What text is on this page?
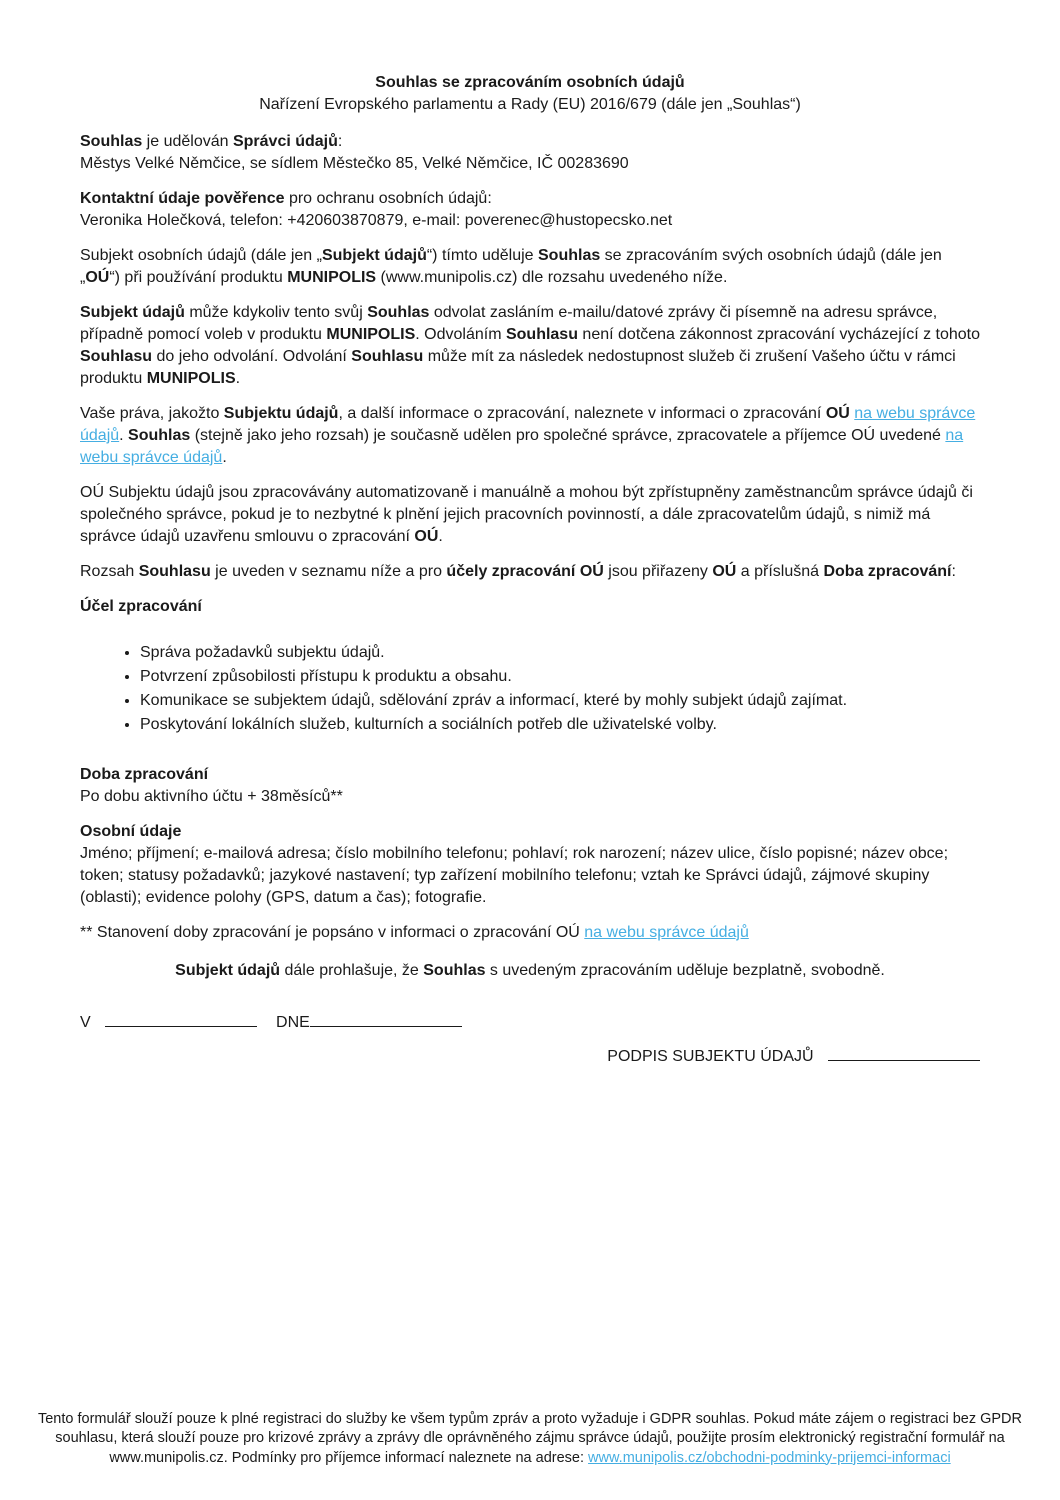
Souhlas se zpracováním osobních údajů
Nařízení Evropského parlamentu a Rady (EU) 2016/679 (dále jen „Souhlas“)

Souhlas je udělován Správci údajů:
Městys Velké Němčice, se sídlem Městečko 85, Velké Němčice, IČ 00283690

Kontaktní údaje pověřence pro ochranu osobních údajů:
Veronika Holečková, telefon: +420603870879, e-mail: poverenec@hustopecsko.net

Subjekt osobních údajů (dále jen „Subjekt údajů“) tímto uděluje Souhlas se zpracováním svých osobních údajů (dále jen „OÚ“) při používání produktu MUNIPOLIS (www.munipolis.cz) dle rozsahu uvedeného níže.

Subjekt údajů může kdykoliv tento svůj Souhlas odvolat zasláním e-mailu/datové zprávy či písemně na adresu správce, případně pomocí voleb v produktu MUNIPOLIS. Odvoláním Souhlasu není dotčena zákonnost zpracování vycházející z tohoto Souhlasu do jeho odvolání. Odvolání Souhlasu může mít za následek nedostupnost služeb či zrušení Vašeho účtu v rámci produktu MUNIPOLIS.

Vaše práva, jakožto Subjektu údajů, a další informace o zpracování, naleznete v informaci o zpracování OÚ na webu správce údajů. Souhlas (stejně jako jeho rozsah) je současně udělen pro společné správce, zpracovatele a příjemce OÚ uvedené na webu správce údajů.

OÚ Subjektu údajů jsou zpracovávány automatizovaně i manuálně a mohou být zpřístupněny zaměstnancům správce údajů či společného správce, pokud je to nezbytné k plnění jejich pracovních povinností, a dále zpracovatelům údajů, s nimiž má správce údajů uzavřenu smlouvu o zpracování OÚ.

Rozsah Souhlasu je uveden v seznamu níže a pro účely zpracování OÚ jsou přiřazeny OÚ a příslušná Doba zpracování:

Účel zpracování
• Správa požadavků subjektu údajů.
• Potvrzení způsobilosti přístupu k produktu a obsahu.
• Komunikace se subjektem údajů, sdělování zpráv a informací, které by mohly subjekt údajů zajímat.
• Poskytování lokálních služeb, kulturních a sociálních potřeb dle uživatelské volby.

Doba zpracování
Po dobu aktivního účtu + 38měsíců**

Osobní údaje
Jméno; příjmení; e-mailová adresa; číslo mobilního telefonu; pohlaví; rok narození; název ulice, číslo popisné; název obce; token; statusy požadavků; jazykové nastavení; typ zařízení mobilního telefonu; vztah ke Správci údajů, zájmové skupiny (oblasti); evidence polohy (GPS, datum a čas); fotografie.

** Stanovení doby zpracování je popsáno v informaci o zpracování OÚ na webu správce údajů

Subjekt údajů dále prohlašuje, že Souhlas s uvedeným zpracováním uděluje bezplatně, svobodně.

V	DNE
PODPIS SUBJEKTU ÚDAJŮ
Tento formulář slouží pouze k plné registraci do služby ke všem typům zpráv a proto vyžaduje i GDPR souhlas. Pokud máte zájem o registraci bez GPDR souhlasu, která slouží pouze pro krizové zprávy a zprávy dle oprávněného zájmu správce údajů, použijte prosím elektronický registrační formulář na www.munipolis.cz. Podmínky pro příjemce informací naleznete na adrese: www.munipolis.cz/obchodni-podminky-prijemci-informaci
